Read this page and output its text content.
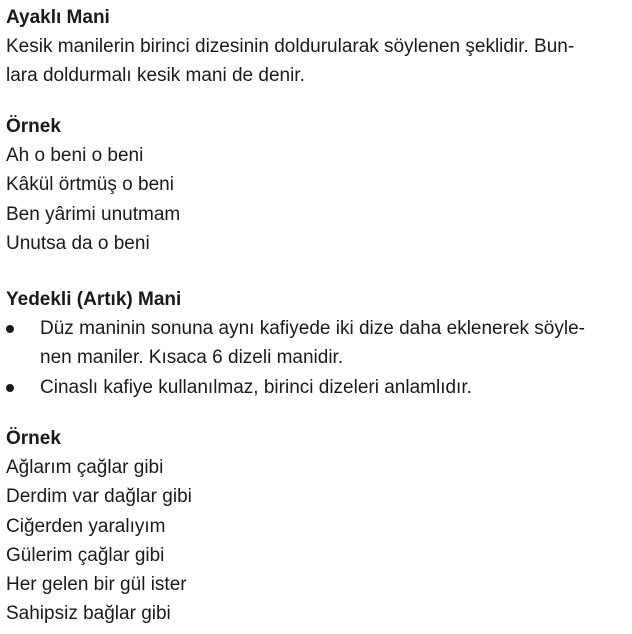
Ayaklı Mani

Kesik manilerin birinci dizesinin doldurularak söylenen şeklidir. Bun-

lara doldurmalı kesik mani de denir.

Örnek

Ah o beni o beni

Kâkül örtmüş o beni

Ben yârimi unutmam

Unutsa da o beni

Yedekli (Artık) Mani

Düz maninin sonuna aynı kafiyede iki dize daha eklenerek söyle-
nen maniler. Kısaca 6 dizeli manidir.
Cinaslı kafiye kullanılmaz, birinci dizeleri anlamlıdır.

Örnek

Ağlarım çağlar gibi

Derdim var dağlar gibi

Ciğerden yaralıyım

Gülerim çağlar gibi

Her gelen bir gül ister

Sahipsiz bağlar gibi
